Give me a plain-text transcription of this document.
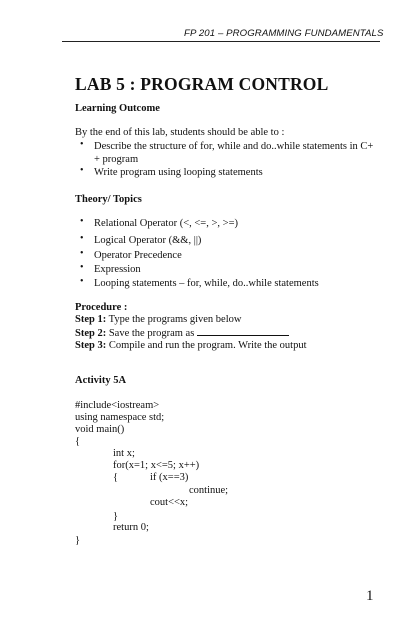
FP 201 – PROGRAMMING FUNDAMENTALS
LAB 5 : PROGRAM CONTROL
Learning Outcome
By the end of this lab, students should be able to :
• Describe the structure of for, while and do..while statements in C+
+ program
• Write program using looping statements
Theory/ Topics
• Relational Operator (<, <=, >, >=)
• Logical Operator (&&, ||)
• Operator Precedence
• Expression
• Looping statements – for, while, do..while statements
Procedure :
Step 1: Type the programs given below
Step 2: Save the program as
Step 3: Compile and run the program. Write the output
Activity 5A
#include<iostream>
using namespace std;
void main()
{
int x;
for(x=1; x<=5; x++)
{	if (x==3)
continue;
cout<<x;
}
return 0;
}
1
